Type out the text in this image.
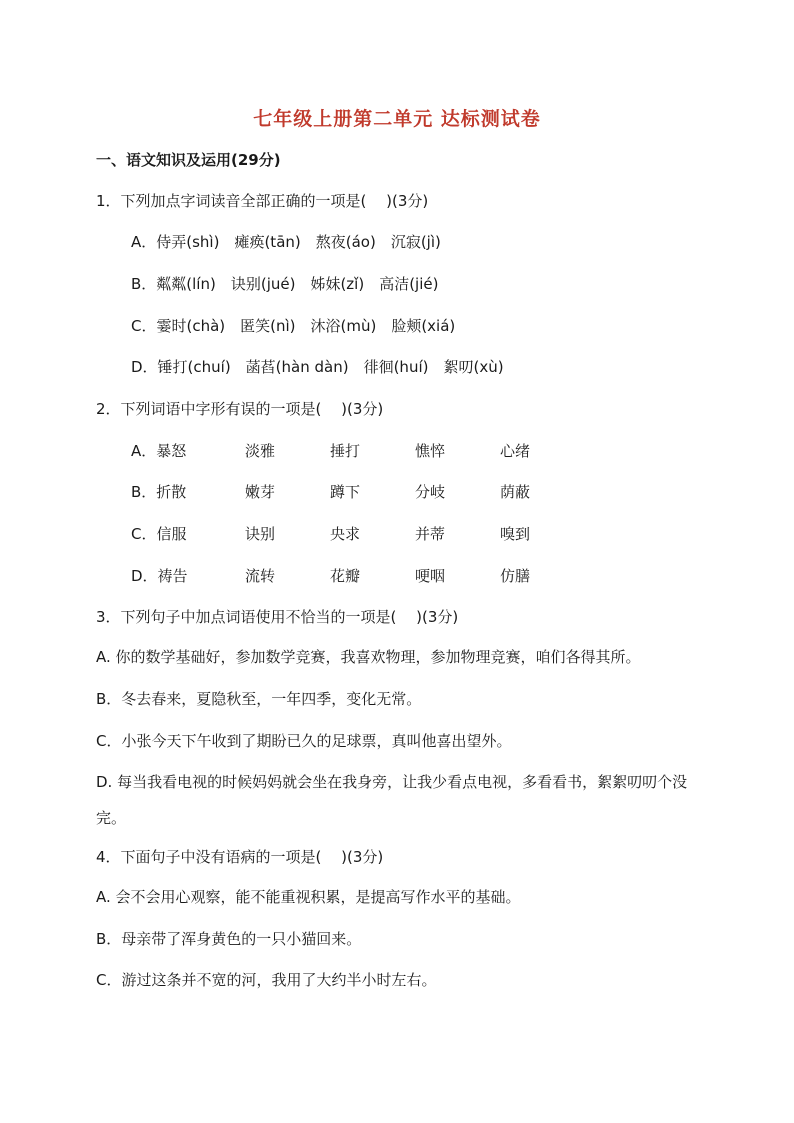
七年级上册第二单元 达标测试卷
一、语文知识及运用(29分)
1．下列加点字词读音全部正确的一项是(　 )(3分)
A．侍弄(shì)　瘫痪(tān)　熬夜(áo)　沉寂(jì)
B．粼粼(lín)　诀别(jué)　姊妹(zǐ)　高洁(jié)
C．霎时(chà)　匿笑(nì)　沐浴(mù)　脸颊(xiá)
D．锤打(chuí)　菡萏(hàn dàn)　徘徊(huí)　絮叨(xù)
2．下列词语中字形有误的一项是(　 )(3分)
A．暴怒	淡雅	捶打	憔悴	心绪
B．折散	嫩芽	蹲下	分岐	荫蔽
C．信服	诀别	央求	并蒂	嗅到
D．祷告	流转	花瓣	哽咽	仿膳
3．下列句子中加点词语使用不恰当的一项是(　 )(3分)
A. 你的数学基础好，参加数学竞赛，我喜欢物理，参加物理竞赛，咱们各得其所。
B．冬去春来，夏隐秋至，一年四季，变化无常。
C．小张今天下午收到了期盼已久的足球票，真叫他喜出望外。
D. 每当我看电视的时候妈妈就会坐在我身旁，让我少看点电视，多看看书，絮絮叨叨个没完。
4．下面句子中没有语病的一项是(　 )(3分)
A. 会不会用心观察，能不能重视积累，是提高写作水平的基础。
B．母亲带了浑身黄色的一只小猫回来。
C．游过这条并不宽的河，我用了大约半小时左右。
